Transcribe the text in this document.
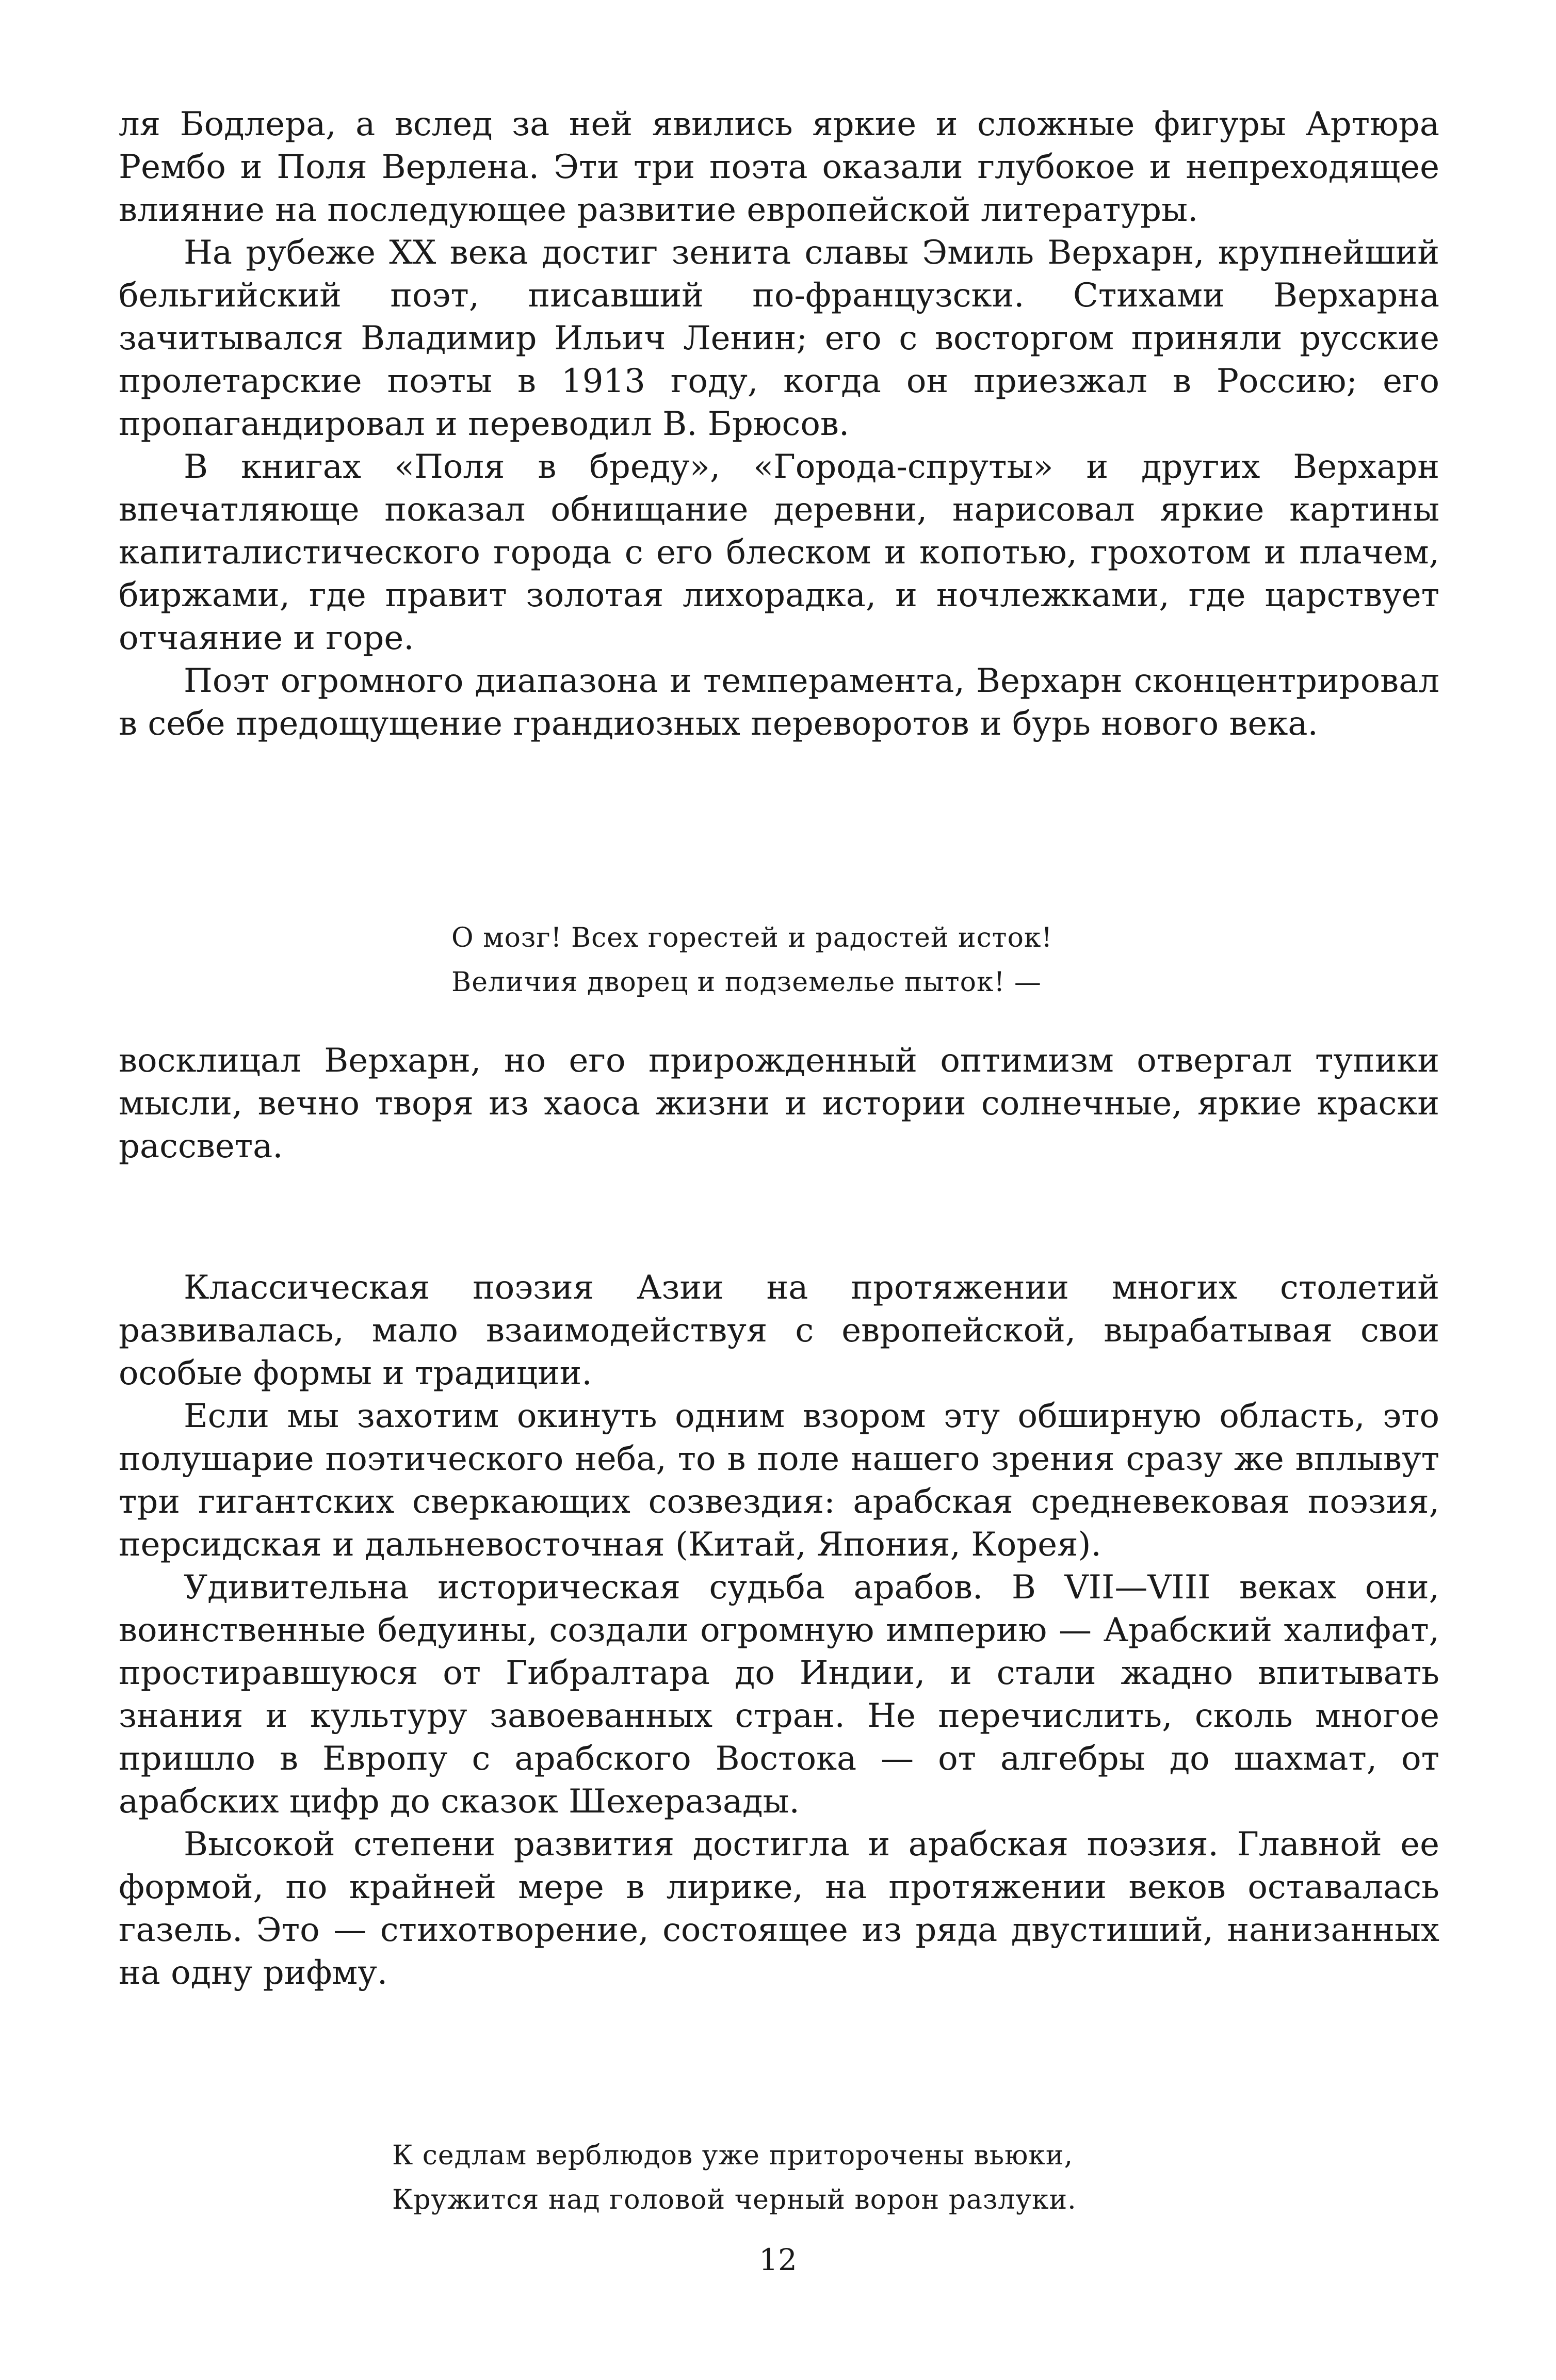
ля Бодлера, а вслед за ней явились яркие и сложные фигуры Артюра Рембо и Поля Верлена. Эти три поэта оказали глубокое и непреходящее влияние на последующее развитие европейской литературы.

На рубеже XX века достиг зенита славы Эмиль Верхарн, крупнейший бельгийский поэт, писавший по-французски. Стихами Верхарна зачитывался Владимир Ильич Ленин; его с восторгом приняли русские пролетарские поэты в 1913 году, когда он приезжал в Россию; его пропагандировал и переводил В. Брюсов.

В книгах «Поля в бреду», «Города-спруты» и других Верхарн впечатляюще показал обнищание деревни, нарисовал яркие картины капиталистического города с его блеском и копотью, грохотом и плачем, биржами, где правит золотая лихорадка, и ночлежками, где царствует отчаяние и горе.

Поэт огромного диапазона и темперамента, Верхарн сконцентрировал в себе предощущение грандиозных переворотов и бурь нового века.

О мозг! Всех горестей и радостей исток!
Величия дворец и подземелье пыток! —

восклицал Верхарн, но его прирожденный оптимизм отвергал тупики мысли, вечно творя из хаоса жизни и истории солнечные, яркие краски рассвета.

Классическая поэзия Азии на протяжении многих столетий развивалась, мало взаимодействуя с европейской, вырабатывая свои особые формы и традиции.

Если мы захотим окинуть одним взором эту обширную область, это полушарие поэтического неба, то в поле нашего зрения сразу же вплывут три гигантских сверкающих созвездия: арабская средневековая поэзия, персидская и дальневосточная (Китай, Япония, Корея).

Удивительна историческая судьба арабов. В VII—VIII веках они, воинственные бедуины, создали огромную империю — Арабский халифат, простиравшуюся от Гибралтара до Индии, и стали жадно впитывать знания и культуру завоеванных стран. Не перечислить, сколь многое пришло в Европу с арабского Востока — от алгебры до шахмат, от арабских цифр до сказок Шехеразады.

Высокой степени развития достигла и арабская поэзия. Главной ее формой, по крайней мере в лирике, на протяжении веков оставалась газель. Это — стихотворение, состоящее из ряда двустиший, нанизанных на одну рифму.

К седлам верблюдов уже приторочены вьюки,
Кружится над головой черный ворон разлуки.
12
